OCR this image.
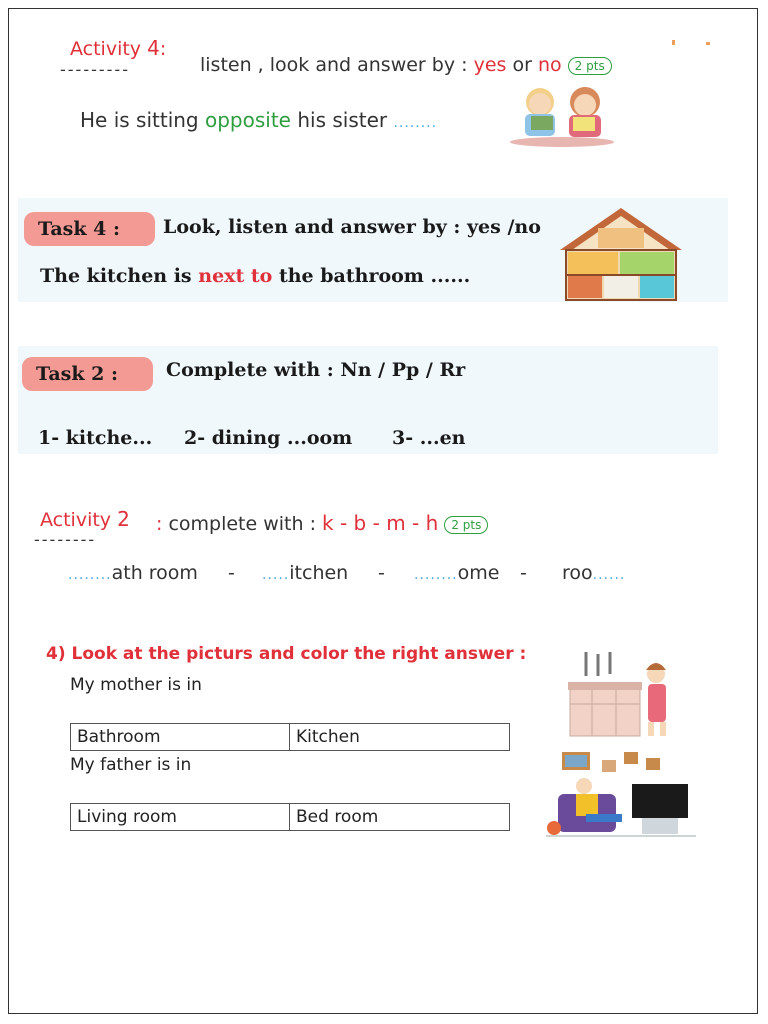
Activity 4:
---------	listen , look and answer by : yes or no 2 pts
He is sitting opposite his sister ........
Task 4 :	Look, listen and answer by : yes /no
The kitchen is next to the bathroom ......
Task 2 :	Complete with : Nn / Pp / Rr
1- kitche... 2- dining ...oom 3- ...en
Activity 2
--------
: complete with : k - b - m - h 2 pts
........ath room - .....itchen - ........ome - roo......
4) Look at the picturs and color the right answer :
My mother is in
Bathroom	Kitchen
My father is in
Living room	Bed room
